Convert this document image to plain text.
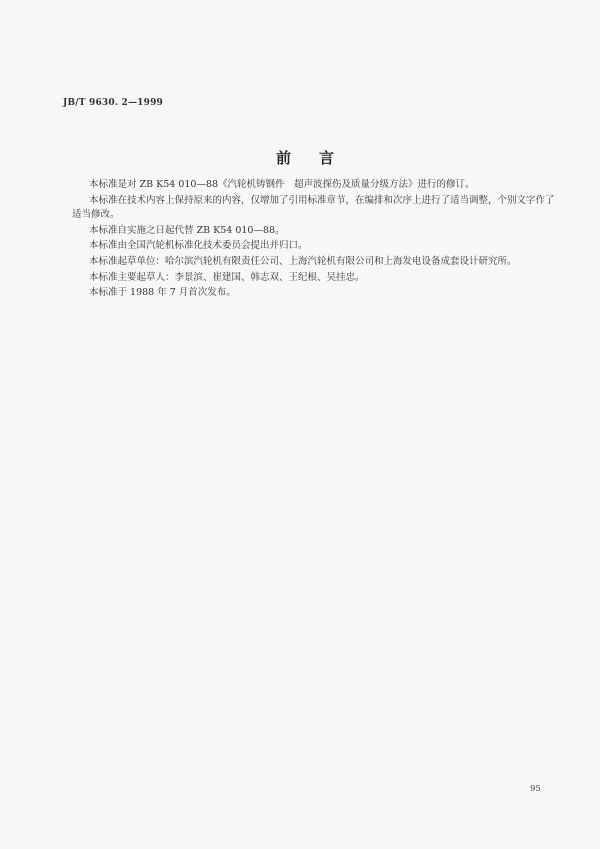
JB/T 9630. 2—1999
前言

本标准是对 ZB K54 010—88《汽轮机铸钢件　超声波探伤及质量分级方法》进行的修订。

本标准在技术内容上保持原来的内容，仅增加了引用标准章节，在编排和次序上进行了适当调整，个别文字作了适当修改。

本标准自实施之日起代替 ZB K54 010—88。

本标准由全国汽轮机标准化技术委员会提出并归口。

本标准起草单位：哈尔滨汽轮机有限责任公司、上海汽轮机有限公司和上海发电设备成套设计研究所。

本标准主要起草人：李景滨、崔建国、韩志双、王纪根、吴挂忠。

本标准于 1988 年 7 月首次发布。

95
